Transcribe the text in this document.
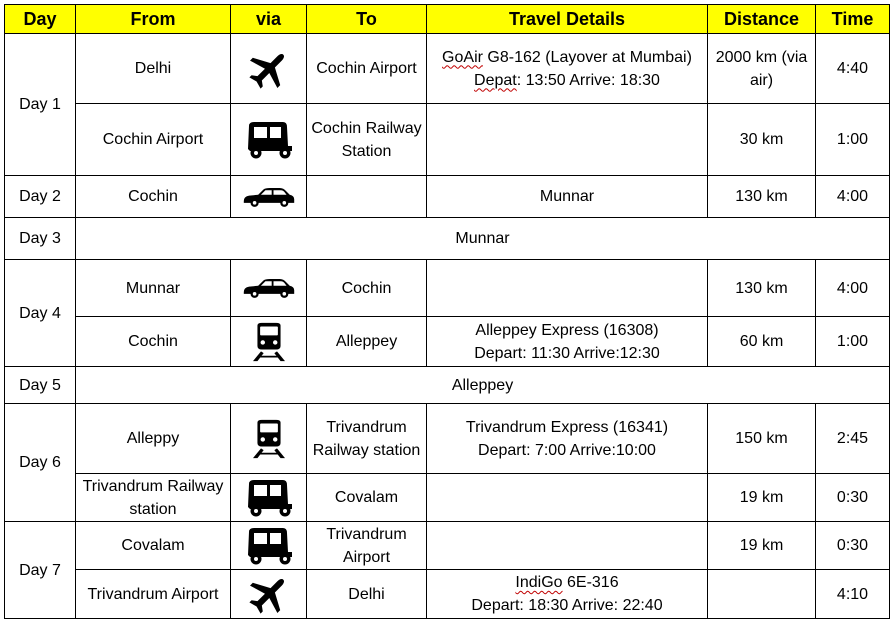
Day	From	via	To	Travel Details	Distance	Time
Day 1	Delhi		Cochin Airport	GoAir G8-162 (Layover at Mumbai)
Depat: 13:50 Arrive: 18:30	2000 km (via air)	4:40
	Cochin Airport		Cochin Railway Station		30 km	1:00
Day 2	Cochin			Munnar	130 km	4:00
Day 3	Munnar					
Day 4	Munnar		Cochin		130 km	4:00
	Cochin		Alleppey	Alleppey Express (16308)
Depart: 11:30 Arrive:12:30	60 km	1:00
Day 5	Alleppey					
Day 6	Alleppy		Trivandrum Railway station	Trivandrum Express (16341)
Depart: 7:00 Arrive:10:00	150 km	2:45
	Trivandrum Railway station		Covalam		19 km	0:30
Day 7	Covalam		Trivandrum Airport		19 km	0:30
	Trivandrum Airport		Delhi	IndiGo 6E-316
Depart: 18:30 Arrive: 22:40		4:10
